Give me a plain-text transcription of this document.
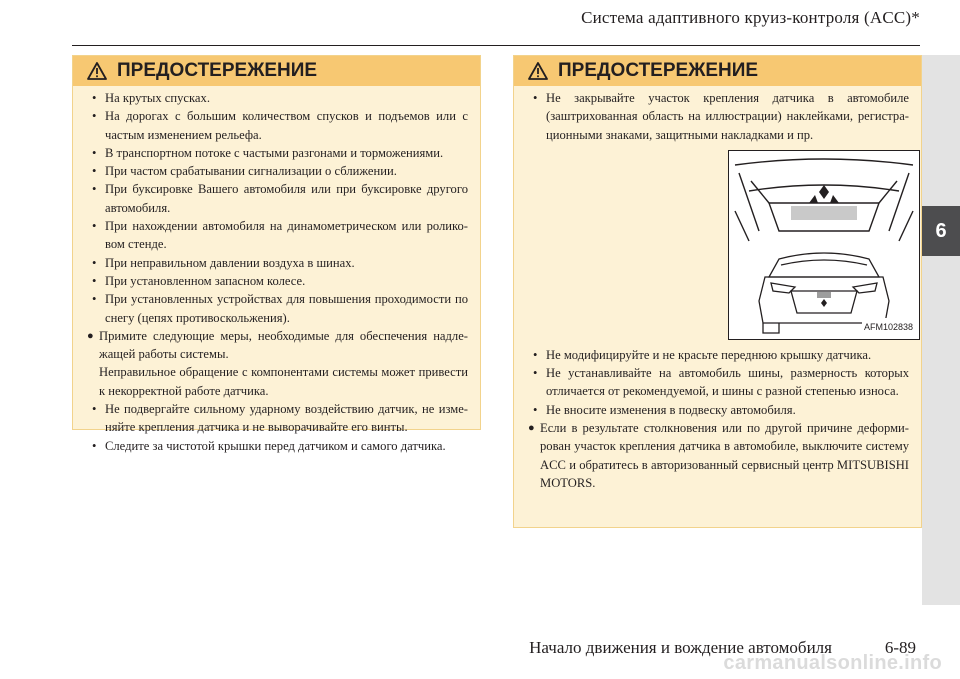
Система адаптивного круиз-контроля (ACC)*
6
ПРЕДОСТЕРЕЖЕНИЕ
• На крутых спусках.
• На дорогах с большим количеством спусков и подъемов или с частым изменением рельефа.
• В транспортном потоке с частыми разгонами и торможениями.
• При частом срабатывании сигнализации о сближении.
• При буксировке Вашего автомобиля или при буксировке другого автомобиля.
• При нахождении автомобиля на динамометрическом или ролико-вом стенде.
• При неправильном давлении воздуха в шинах.
• При установленном запасном колесе.
• При установленных устройствах для повышения проходимости по снегу (цепях противоскольжения).
● Примите следующие меры, необходимые для обеспечения надле-жащей работы системы.
Неправильное обращение с компонентами системы может привести к некорректной работе датчика.
• Не подвергайте сильному ударному воздействию датчик, не изме-няйте крепления датчика и не выворачивайте его винты.
• Следите за чистотой крышки перед датчиком и самого датчика.
ПРЕДОСТЕРЕЖЕНИЕ
• Не закрывайте участок крепления датчика в автомобиле (заштрихованная область на иллюстрации) наклейками, регистра-ционными знаками, защитными накладками и пр.
AFM102838
• Не модифицируйте и не красьте переднюю крышку датчика.
• Не устанавливайте на автомобиль шины, размерность которых отличается от рекомендуемой, и шины с разной степенью износа.
• Не вносите изменения в подвеску автомобиля.
● Если в результате столкновения или по другой причине деформи-рован участок крепления датчика в автомобиле, выключите систему ACC и обратитесь в авторизованный сервисный центр MITSUBISHI MOTORS.
Начало движения и вождение автомобиля	6-89
carmanualsonline.info
